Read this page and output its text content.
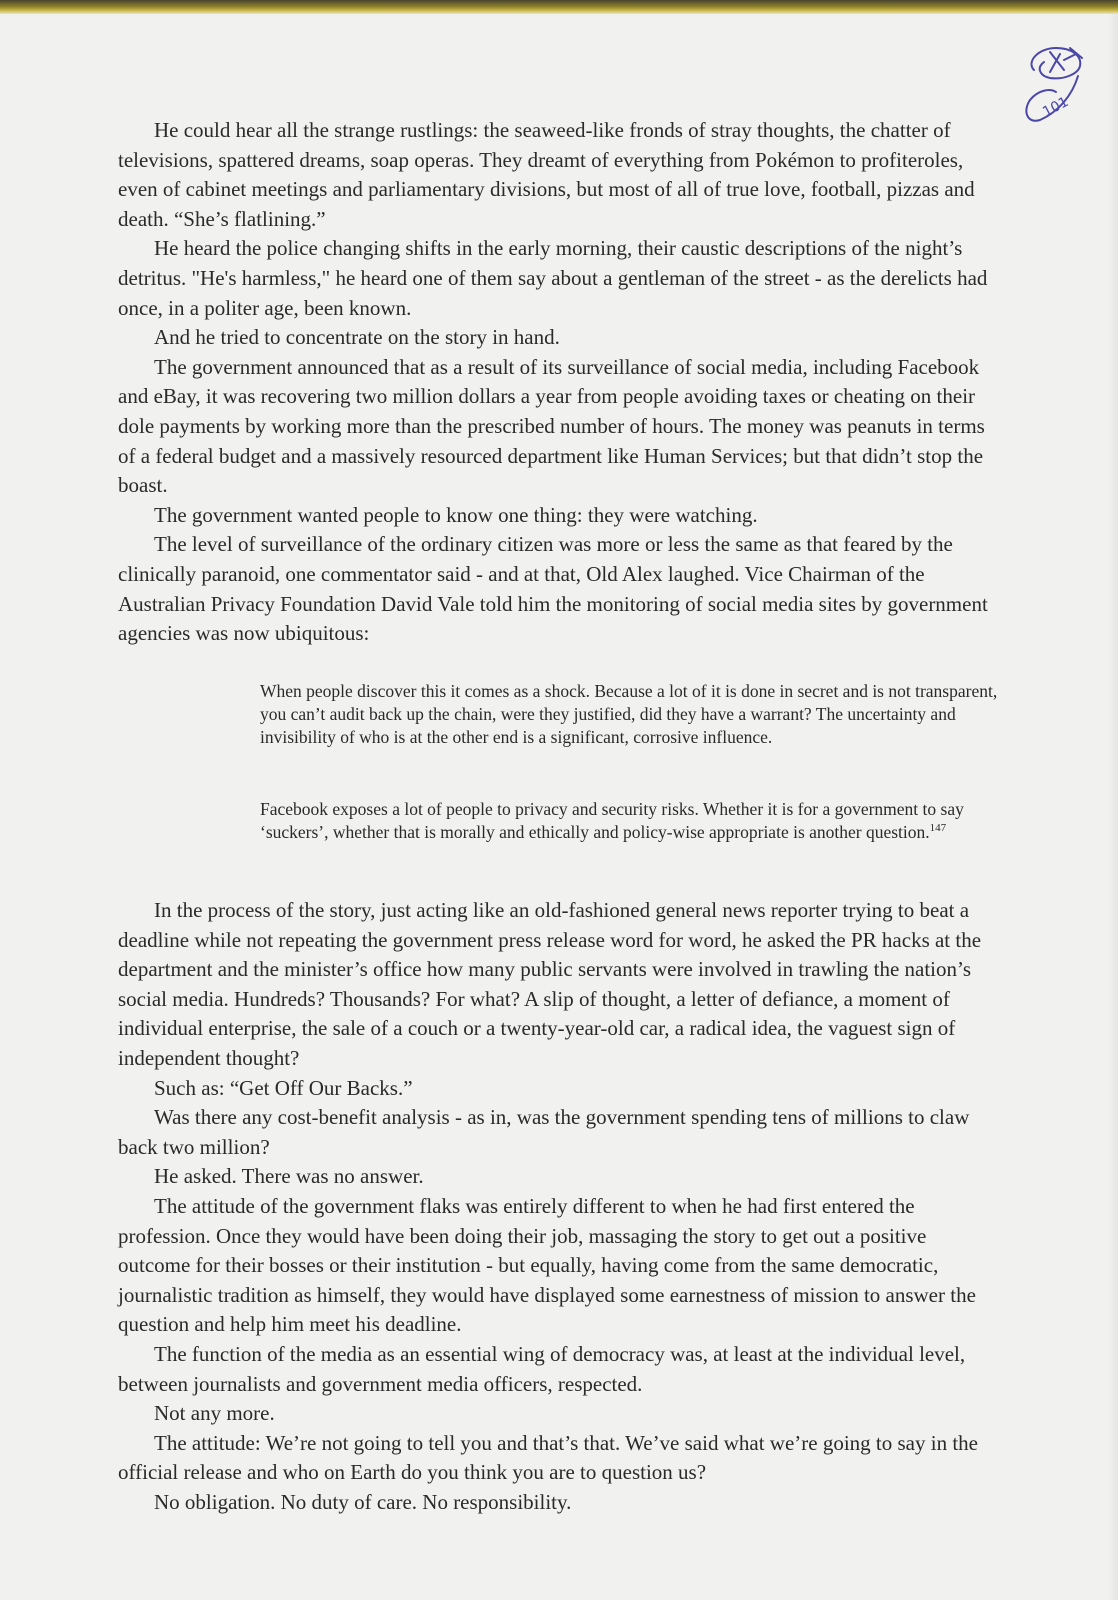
101

He could hear all the strange rustlings: the seaweed-like fronds of stray thoughts, the chatter of televisions, spattered dreams, soap operas. They dreamt of everything from Pokémon to profiteroles, even of cabinet meetings and parliamentary divisions, but most of all of true love, football, pizzas and death. “She’s flatlining.”

He heard the police changing shifts in the early morning, their caustic descriptions of the night’s detritus. "He's harmless," he heard one of them say about a gentleman of the street - as the derelicts had once, in a politer age, been known.

And he tried to concentrate on the story in hand.

The government announced that as a result of its surveillance of social media, including Facebook and eBay, it was recovering two million dollars a year from people avoiding taxes or cheating on their dole payments by working more than the prescribed number of hours. The money was peanuts in terms of a federal budget and a massively resourced department like Human Services; but that didn’t stop the boast.

The government wanted people to know one thing: they were watching.

The level of surveillance of the ordinary citizen was more or less the same as that feared by the clinically paranoid, one commentator said - and at that, Old Alex laughed. Vice Chairman of the Australian Privacy Foundation David Vale told him the monitoring of social media sites by government agencies was now ubiquitous:

When people discover this it comes as a shock. Because a lot of it is done in secret and is not transparent, you can’t audit back up the chain, were they justified, did they have a warrant? The uncertainty and invisibility of who is at the other end is a significant, corrosive influence.

Facebook exposes a lot of people to privacy and security risks. Whether it is for a government to say ‘suckers’, whether that is morally and ethically and policy-wise appropriate is another question.$^{147}$

In the process of the story, just acting like an old-fashioned general news reporter trying to beat a deadline while not repeating the government press release word for word, he asked the PR hacks at the department and the minister’s office how many public servants were involved in trawling the nation’s social media. Hundreds? Thousands? For what? A slip of thought, a letter of defiance, a moment of individual enterprise, the sale of a couch or a twenty-year-old car, a radical idea, the vaguest sign of independent thought?

Such as: “Get Off Our Backs.”

Was there any cost-benefit analysis - as in, was the government spending tens of millions to claw back two million?

He asked. There was no answer.

The attitude of the government flaks was entirely different to when he had first entered the profession. Once they would have been doing their job, massaging the story to get out a positive outcome for their bosses or their institution - but equally, having come from the same democratic, journalistic tradition as himself, they would have displayed some earnestness of mission to answer the question and help him meet his deadline.

The function of the media as an essential wing of democracy was, at least at the individual level, between journalists and government media officers, respected.

Not any more.

The attitude: We’re not going to tell you and that’s that. We’ve said what we’re going to say in the official release and who on Earth do you think you are to question us?

No obligation. No duty of care. No responsibility.
